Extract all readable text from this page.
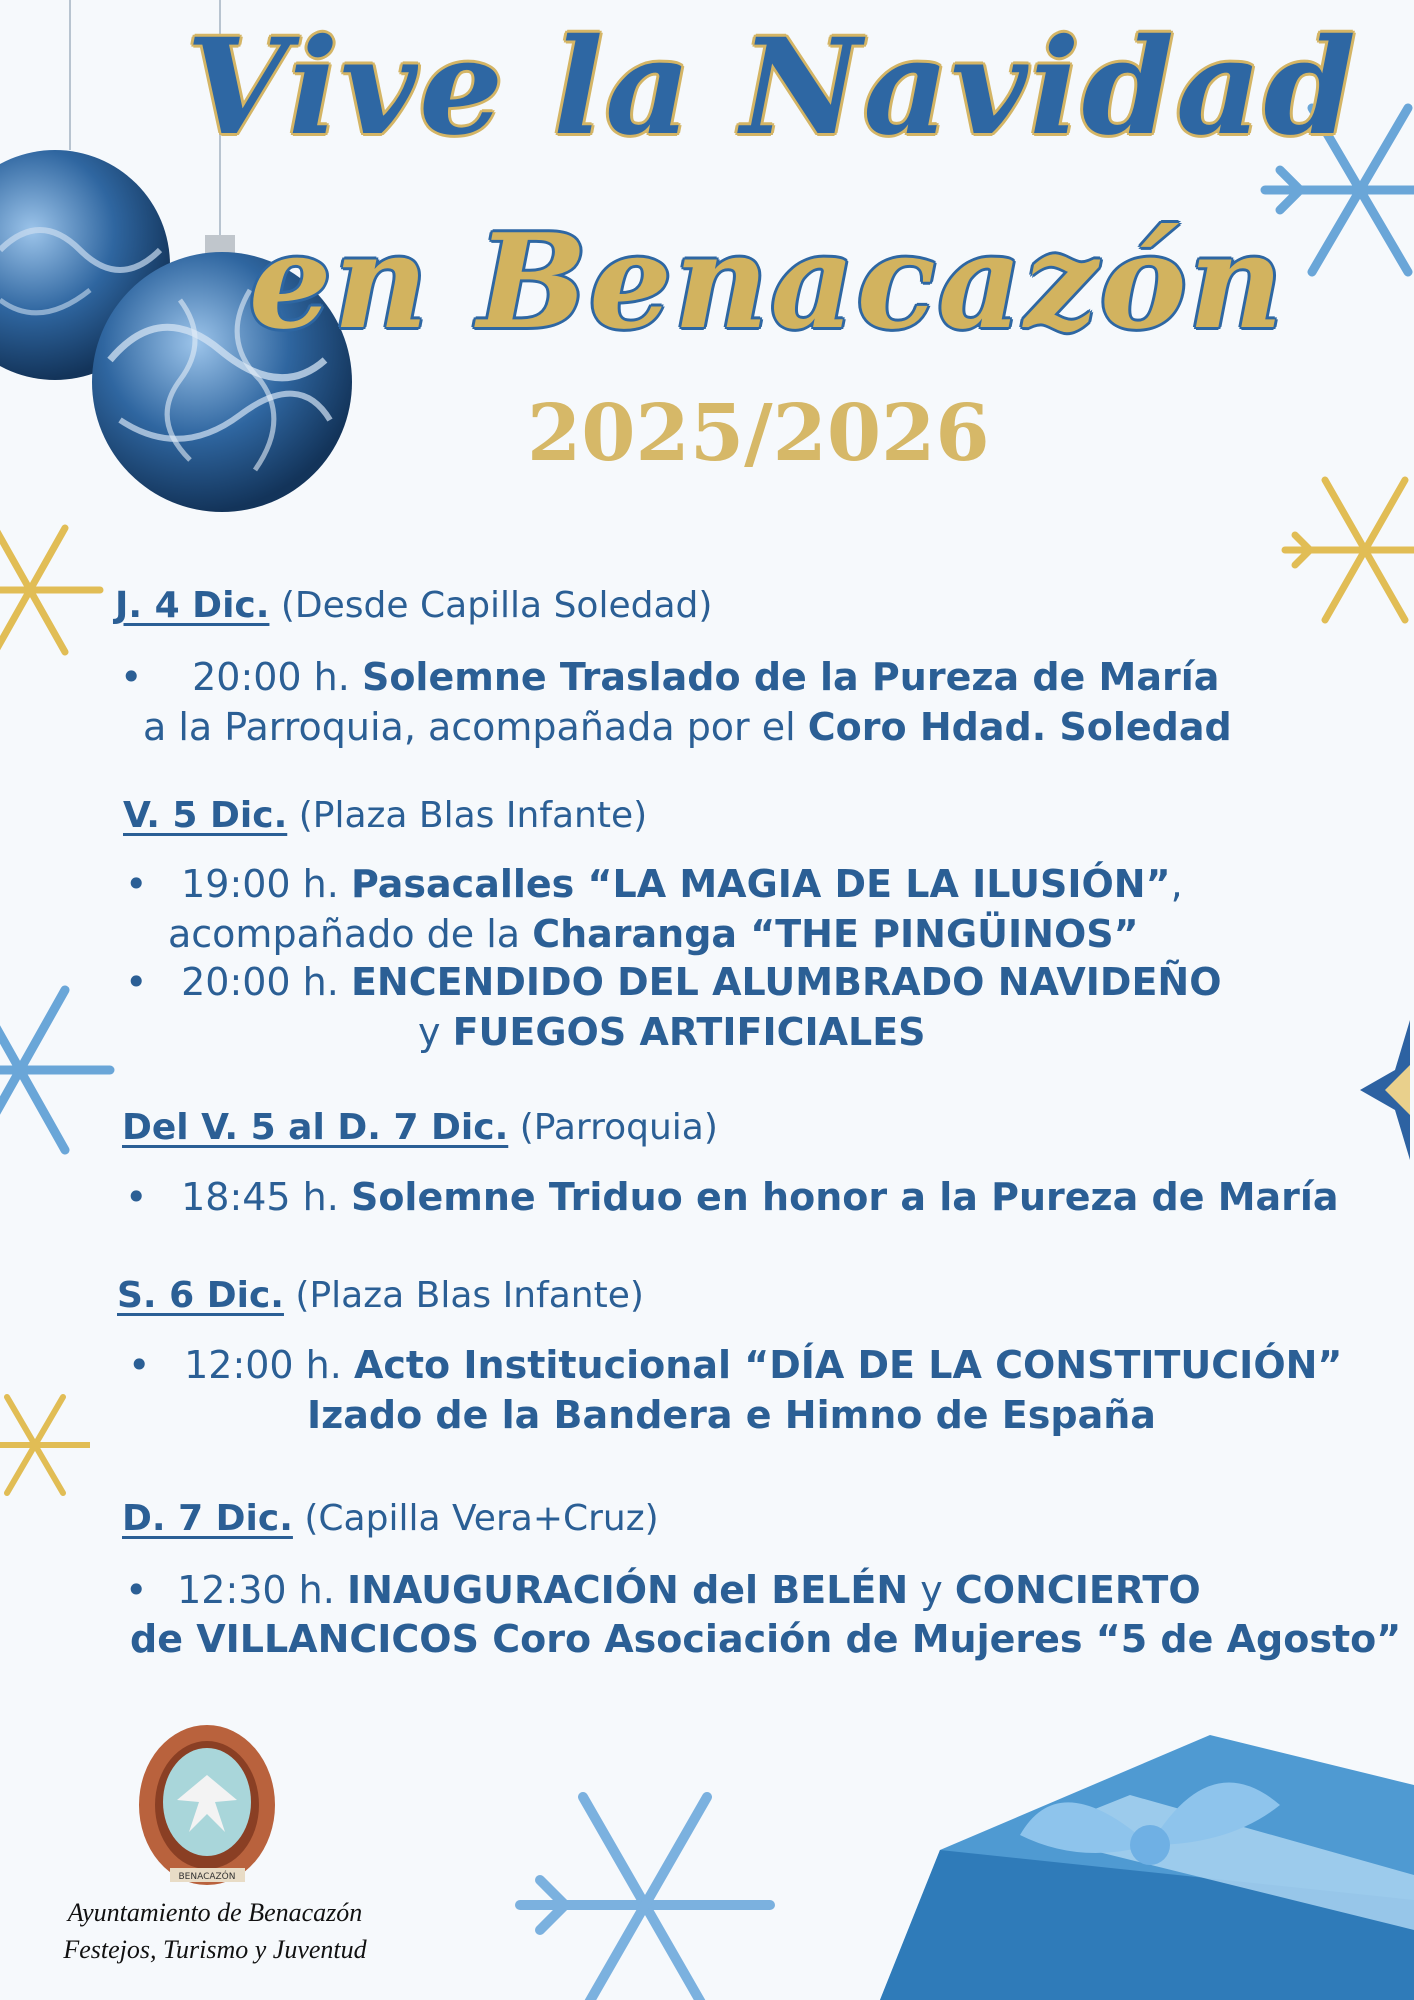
Vive la Navidad
en Benacazón
2025/2026
J. 4 Dic. (Desde Capilla Soledad)
• 20:00 h. Solemne Traslado de la Pureza de María
a la Parroquia, acompañada por el Coro Hdad. Soledad
V. 5 Dic. (Plaza Blas Infante)
• 19:00 h. Pasacalles “LA MAGIA DE LA ILUSIÓN”,
acompañado de la Charanga “THE PINGÜINOS”
• 20:00 h. ENCENDIDO DEL ALUMBRADO NAVIDEÑO
y FUEGOS ARTIFICIALES
Del V. 5 al D. 7 Dic. (Parroquia)
• 18:45 h. Solemne Triduo en honor a la Pureza de María
S. 6 Dic. (Plaza Blas Infante)
• 12:00 h. Acto Institucional “DÍA DE LA CONSTITUCIÓN”
Izado de la Bandera e Himno de España
D. 7 Dic. (Capilla Vera+Cruz)
• 12:30 h. INAUGURACIÓN del BELÉN y CONCIERTO
de VILLANCICOS Coro Asociación de Mujeres “5 de Agosto”
BENACAZÓN
Ayuntamiento de Benacazón
Festejos, Turismo y Juventud
